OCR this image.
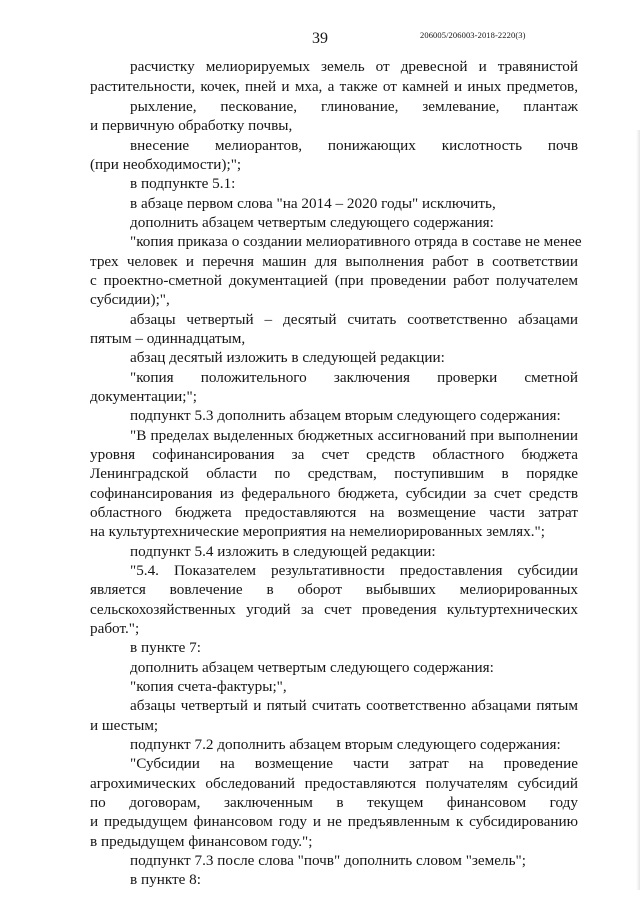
39	206005/206003-2018-2220(3)
расчистку мелиорируемых земель от древесной и травянистой
растительности, кочек, пней и мха, а также от камней и иных предметов,
рыхление, пескование, глинование, землевание, плантаж
и первичную обработку почвы,
внесение мелиорантов, понижающих кислотность почв
(при необходимости);";
в подпункте 5.1:
в абзаце первом слова "на 2014 – 2020 годы" исключить,
дополнить абзацем четвертым следующего содержания:
"копия приказа о создании мелиоративного отряда в составе не менее
трех человек и перечня машин для выполнения работ в соответствии
с проектно-сметной документацией (при проведении работ получателем
субсидии);",
абзацы четвертый – десятый считать соответственно абзацами
пятым – одиннадцатым,
абзац десятый изложить в следующей редакции:
"копия положительного заключения проверки сметной
документации;";
подпункт 5.3 дополнить абзацем вторым следующего содержания:
"В пределах выделенных бюджетных ассигнований при выполнении
уровня софинансирования за счет средств областного бюджета
Ленинградской области по средствам, поступившим в порядке
софинансирования из федерального бюджета, субсидии за счет средств
областного бюджета предоставляются на возмещение части затрат
на культуртехнические мероприятия на немелиорированных землях.";
подпункт 5.4 изложить в следующей редакции:
"5.4. Показателем результативности предоставления субсидии
является вовлечение в оборот выбывших мелиорированных
сельскохозяйственных угодий за счет проведения культуртехнических
работ.";
в пункте 7:
дополнить абзацем четвертым следующего содержания:
"копия счета-фактуры;",
абзацы четвертый и пятый считать соответственно абзацами пятым
и шестым;
подпункт 7.2 дополнить абзацем вторым следующего содержания:
"Субсидии на возмещение части затрат на проведение
агрохимических обследований предоставляются получателям субсидий
по договорам, заключенным в текущем финансовом году
и предыдущем финансовом году и не предъявленным к субсидированию
в предыдущем финансовом году.";
подпункт 7.3 после слова "почв" дополнить словом "земель";
в пункте 8:
